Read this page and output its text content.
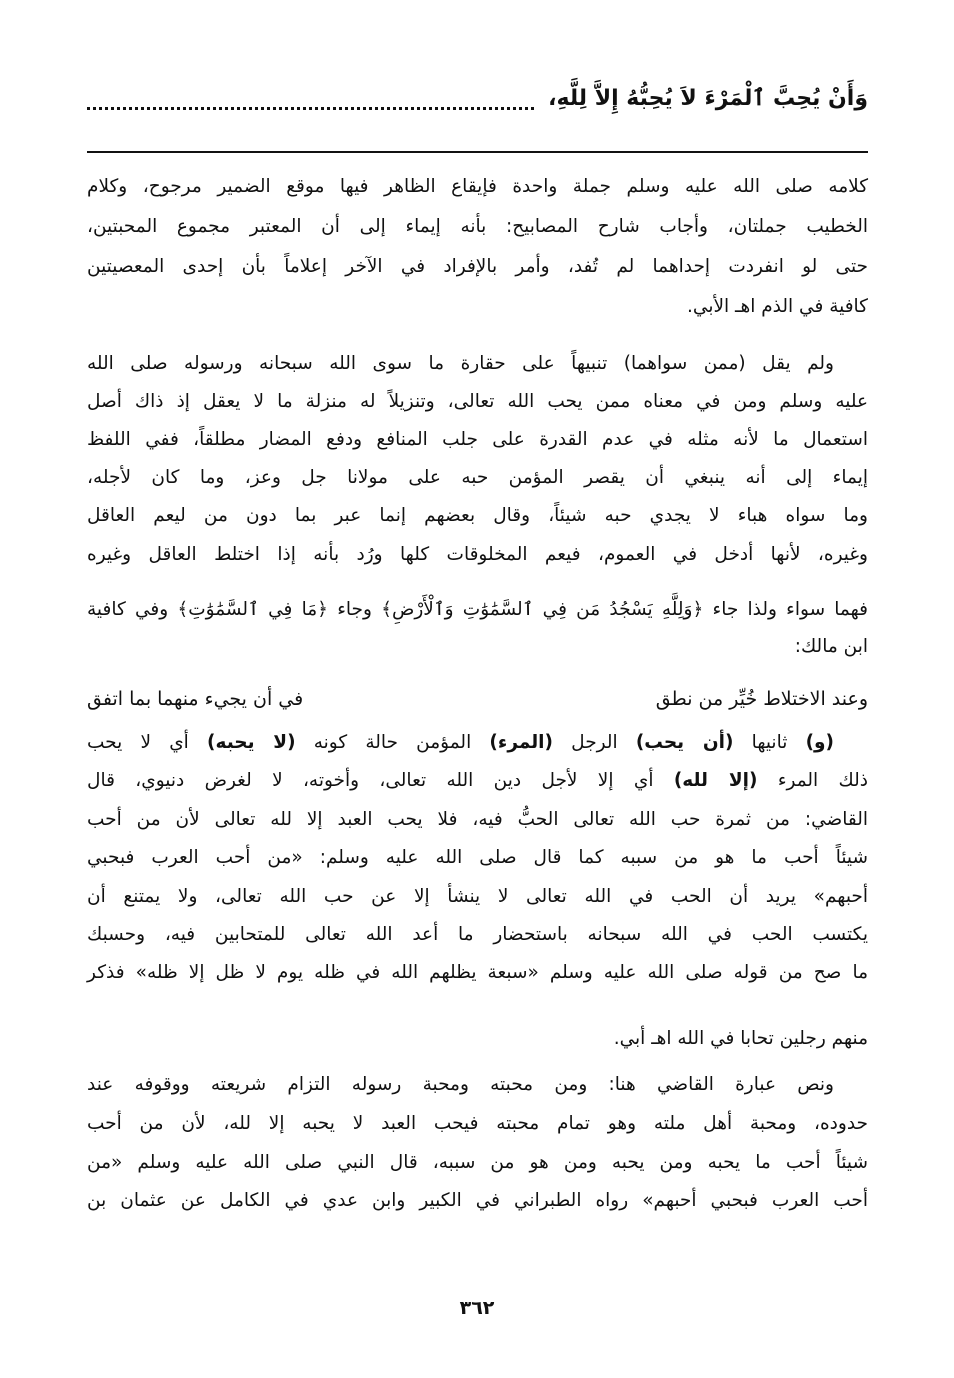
وَأَنْ يُحِبَّ ٱلْمَرْءَ لاَ يُحِبُّهُ إِلاَّ لِلَّهِ،
كلامه صلى الله عليه وسلم جملة واحدة فإيقاع الظاهر فيها موقع الضمير مرجوح، وكلام
الخطيب جملتان، وأجاب شارح المصابيح: بأنه إيماء إلى أن المعتبر مجموع المحبتين،
حتى لو انفردت إحداهما لم تُفد، وأمر بالإفراد في الآخر إعلاماً بأن إحدى المعصيتين
كافية في الذم اهـ الأبي.
ولم يقل (ممن سواهما) تنبيهاً على حقارة ما سوى الله سبحانه ورسوله صلى الله
عليه وسلم ومن في معناه ممن يحب الله تعالى، وتنزيلاً له منزلة ما لا يعقل إذ ذاك أصل
استعمال ما لأنه مثله في عدم القدرة على جلب المنافع ودفع المضار مطلقاً، ففي اللفظ
إيماء إلى أنه ينبغي أن يقصر المؤمن حبه على مولانا جل وعز، وما كان لأجله،
وما سواه هباء لا يجدي حبه شيئاً، وقال بعضهم إنما عبر بما دون من ليعم العاقل
وغيره، لأنها أدخل في العموم، فيعم المخلوقات كلها ورُد بأنه إذا اختلط العاقل وغيره
فهما سواء ولذا جاء ﴿وَلِلَّهِ يَسْجُدُ مَن فِي ٱلسَّمَٰوَٰتِ وَٱلْأَرْضِ﴾ وجاء ﴿مَا فِي ٱلسَّمَٰوَٰتِ﴾ وفي كافية
ابن مالك:
(و) ثانيها (أن يحب) الرجل (المرء) المؤمن حالة كونه (لا يحبه) أي لا يحب
ذلك المرء (إلا لله) أي إلا لأجل دين الله تعالى، وأخوته، لا لغرض دنيوي، قال
القاضي: من ثمرة حب الله تعالى الحبُّ فيه، فلا يحب العبد إلا لله تعالى لأن من أحب
شيئاً أحب ما هو من سببه كما قال صلى الله عليه وسلم: «من أحب العرب فبحبي
أحبهم» يريد أن الحب في الله تعالى لا ينشأ إلا عن حب الله تعالى، ولا يمتنع أن
يكتسب الحب في الله سبحانه باستحضار ما أعد الله تعالى للمتحابين فيه، وحسبك
ما صح من قوله صلى الله عليه وسلم «سبعة يظلهم الله في ظله يوم لا ظل إلا ظله» فذكر
منهم رجلين تحابا في الله اهـ أبي.
ونص عبارة القاضي هنا: ومن محبته ومحبة رسوله التزام شريعته ووقوفه عند
حدوده، ومحبة أهل ملته وهو تمام محبته فيحب العبد لا يحبه إلا لله، لأن من أحب
شيئاً أحب ما يحبه ومن يحبه ومن هو من سببه، قال النبي صلى الله عليه وسلم «من
أحب العرب فبحبي أحبهم» رواه الطبراني في الكبير وابن عدي في الكامل عن عثمان بن
وعند الاختلاط خُيِّر من نطق
في أن يجيء منهما بما اتفق
٣٦٢
